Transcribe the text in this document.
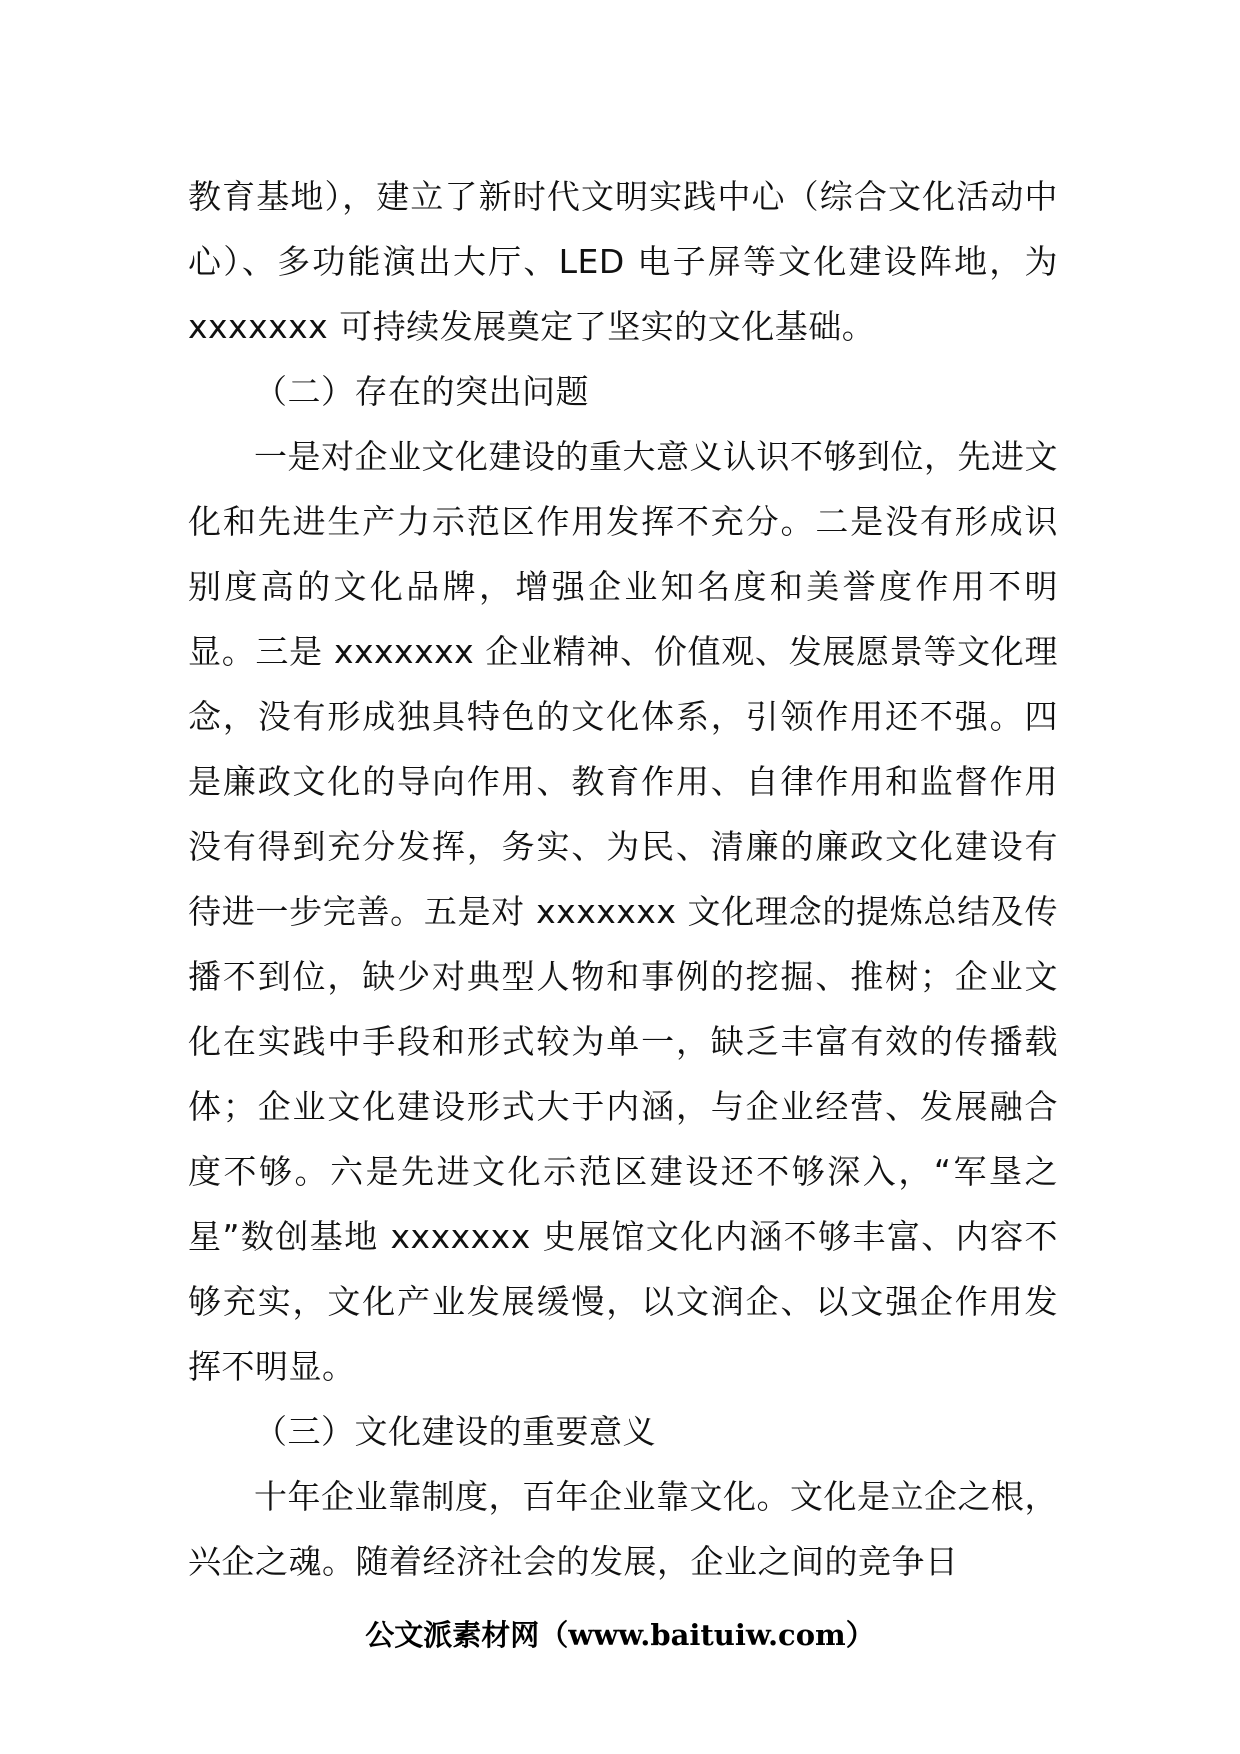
教育基地），建立了新时代文明实践中心（综合文化活动中心）、多功能演出大厅、LED 电子屏等文化建设阵地，为 xxxxxxx 可持续发展奠定了坚实的文化基础。

（二）存在的突出问题

一是对企业文化建设的重大意义认识不够到位，先进文化和先进生产力示范区作用发挥不充分。二是没有形成识别度高的文化品牌，增强企业知名度和美誉度作用不明显。三是 xxxxxxx 企业精神、价值观、发展愿景等文化理念，没有形成独具特色的文化体系，引领作用还不强。四是廉政文化的导向作用、教育作用、自律作用和监督作用没有得到充分发挥，务实、为民、清廉的廉政文化建设有待进一步完善。五是对 xxxxxxx 文化理念的提炼总结及传播不到位，缺少对典型人物和事例的挖掘、推树；企业文化在实践中手段和形式较为单一，缺乏丰富有效的传播载体；企业文化建设形式大于内涵，与企业经营、发展融合度不够。六是先进文化示范区建设还不够深入，“军垦之星”数创基地 xxxxxxx 史展馆文化内涵不够丰富、内容不够充实，文化产业发展缓慢，以文润企、以文强企作用发挥不明显。

（三）文化建设的重要意义

十年企业靠制度，百年企业靠文化。文化是立企之根，兴企之魂。随着经济社会的发展，企业之间的竞争日

公文派素材网（www.baituiw.com）
